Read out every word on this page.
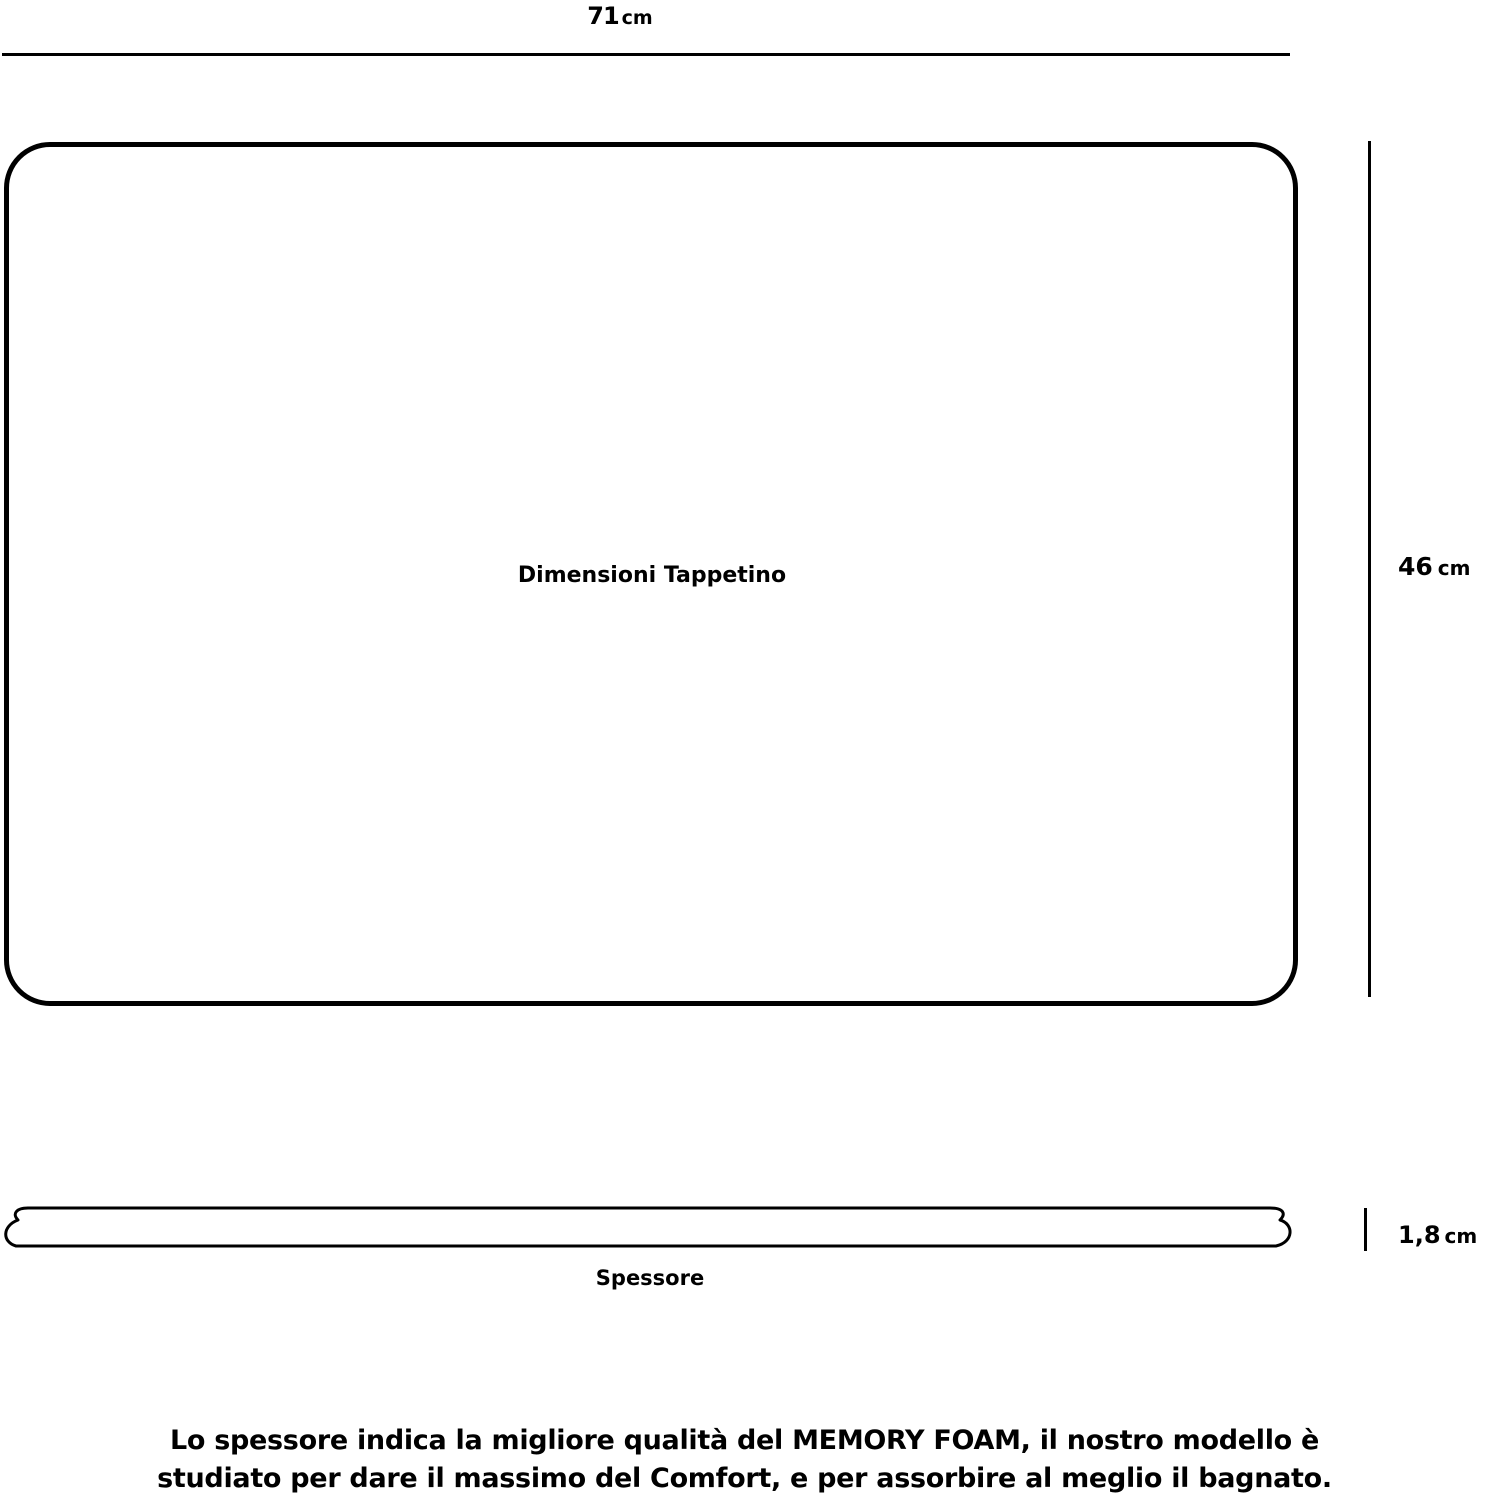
71 cm
Dimensioni Tappetino	46 cm
Spessore
1,8 cm
Lo spessore indica la migliore qualità del MEMORY FOAM, il nostro modello è
studiato per dare il massimo del Comfort, e per assorbire al meglio il bagnato.
